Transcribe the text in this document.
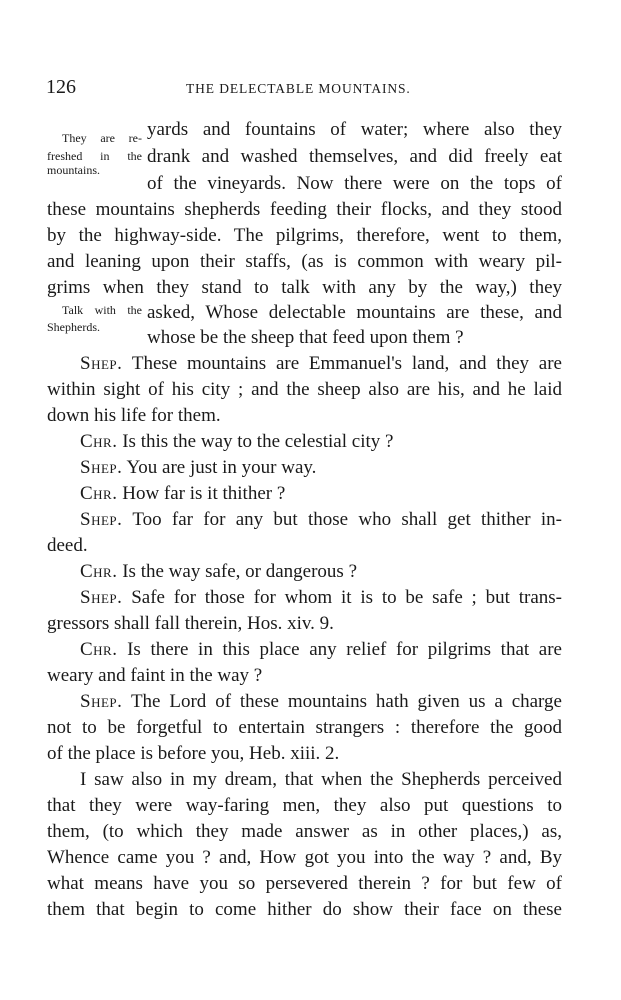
126	THE DELECTABLE MOUNTAINS.
They are re-
freshed in the
mountains.
Talk with the
Shepherds.
yards and fountains of water; where also they
drank and washed themselves, and did freely eat
of the vineyards. Now there were on the tops of
these mountains shepherds feeding their flocks, and they stood
by the highway-side. The pilgrims, therefore, went to them,
and leaning upon their staffs, (as is common with weary pil-
grims when they stand to talk with any by the way,) they
asked, Whose delectable mountains are these, and
whose be the sheep that feed upon them ?
Shep. These mountains are Emmanuel's land, and they are
within sight of his city ; and the sheep also are his, and he laid
down his life for them.
Chr. Is this the way to the celestial city ?
Shep. You are just in your way.
Chr. How far is it thither ?
Shep. Too far for any but those who shall get thither in-
deed.
Chr. Is the way safe, or dangerous ?
Shep. Safe for those for whom it is to be safe ; but trans-
gressors shall fall therein, Hos. xiv. 9.
Chr. Is there in this place any relief for pilgrims that are
weary and faint in the way ?
Shep. The Lord of these mountains hath given us a charge
not to be forgetful to entertain strangers : therefore the good
of the place is before you, Heb. xiii. 2.
I saw also in my dream, that when the Shepherds perceived
that they were way-faring men, they also put questions to
them, (to which they made answer as in other places,) as,
Whence came you ? and, How got you into the way ? and, By
what means have you so persevered therein ? for but few of
them that begin to come hither do show their face on these
